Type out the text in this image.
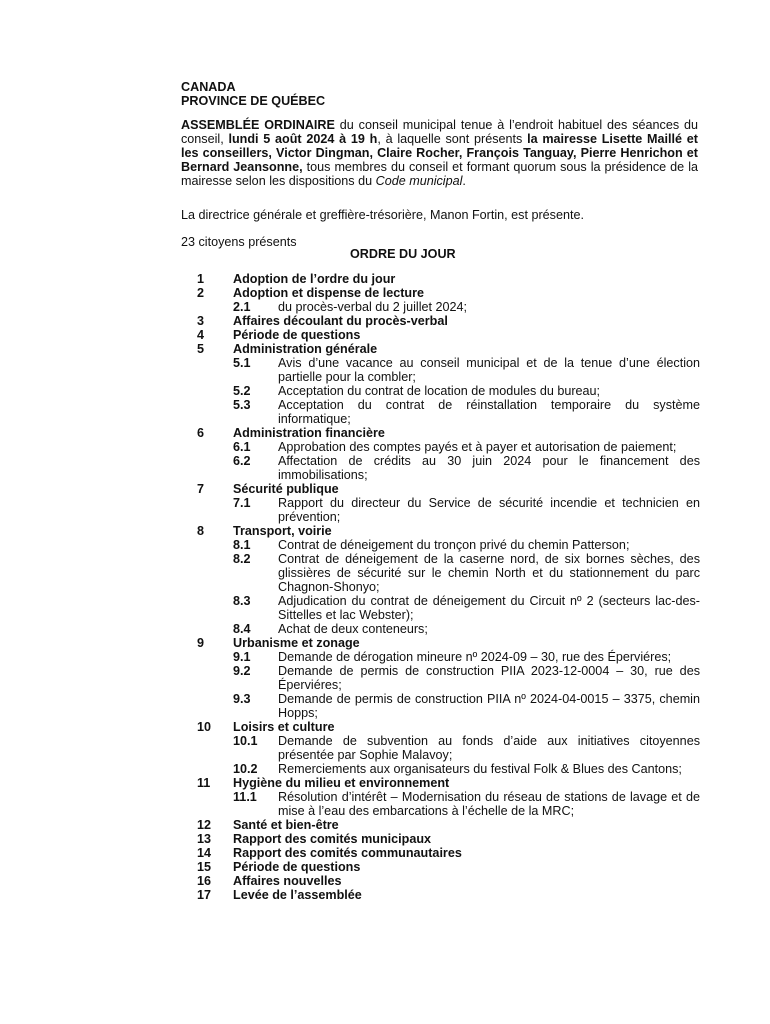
CANADA
PROVINCE DE QUÉBEC
ASSEMBLÉE ORDINAIRE du conseil municipal tenue à l’endroit habituel des séances du conseil, lundi 5 août 2024 à 19 h, à laquelle sont présents la mairesse Lisette Maillé et les conseillers, Victor Dingman, Claire Rocher, François Tanguay, Pierre Henrichon et Bernard Jeansonne, tous membres du conseil et formant quorum sous la présidence de la mairesse selon les dispositions du Code municipal.
La directrice générale et greffière-trésorière, Manon Fortin, est présente.
23 citoyens présents
ORDRE DU JOUR
1 Adoption de l’ordre du jour
2 Adoption et dispense de lecture
2.1 du procès-verbal du 2 juillet 2024;
3 Affaires découlant du procès-verbal
4 Période de questions
5 Administration générale
5.1 Avis d’une vacance au conseil municipal et de la tenue d’une élection partielle pour la combler;
5.2 Acceptation du contrat de location de modules du bureau;
5.3 Acceptation du contrat de réinstallation temporaire du système informatique;
6 Administration financière
6.1 Approbation des comptes payés et à payer et autorisation de paiement;
6.2 Affectation de crédits au 30 juin 2024 pour le financement des immobilisations;
7 Sécurité publique
7.1 Rapport du directeur du Service de sécurité incendie et technicien en prévention;
8 Transport, voirie
8.1 Contrat de déneigement du tronçon privé du chemin Patterson;
8.2 Contrat de déneigement de la caserne nord, de six bornes sèches, des glissières de sécurité sur le chemin North et du stationnement du parc Chagnon-Shonyo;
8.3 Adjudication du contrat de déneigement du Circuit nº 2 (secteurs lac-des-Sittelles et lac Webster);
8.4 Achat de deux conteneurs;
9 Urbanisme et zonage
9.1 Demande de dérogation mineure nº 2024-09 – 30, rue des Éperviéres;
9.2 Demande de permis de construction PIIA 2023-12-0004 – 30, rue des Éperviéres;
9.3 Demande de permis de construction PIIA nº 2024-04-0015 – 3375, chemin Hopps;
10 Loisirs et culture
10.1 Demande de subvention au fonds d’aide aux initiatives citoyennes présentée par Sophie Malavoy;
10.2 Remerciements aux organisateurs du festival Folk & Blues des Cantons;
11 Hygiène du milieu et environnement
11.1 Résolution d’intérêt – Modernisation du réseau de stations de lavage et de mise à l’eau des embarcations à l’échelle de la MRC;
12 Santé et bien-être
13 Rapport des comités municipaux
14 Rapport des comités communautaires
15 Période de questions
16 Affaires nouvelles
17 Levée de l’assemblée
